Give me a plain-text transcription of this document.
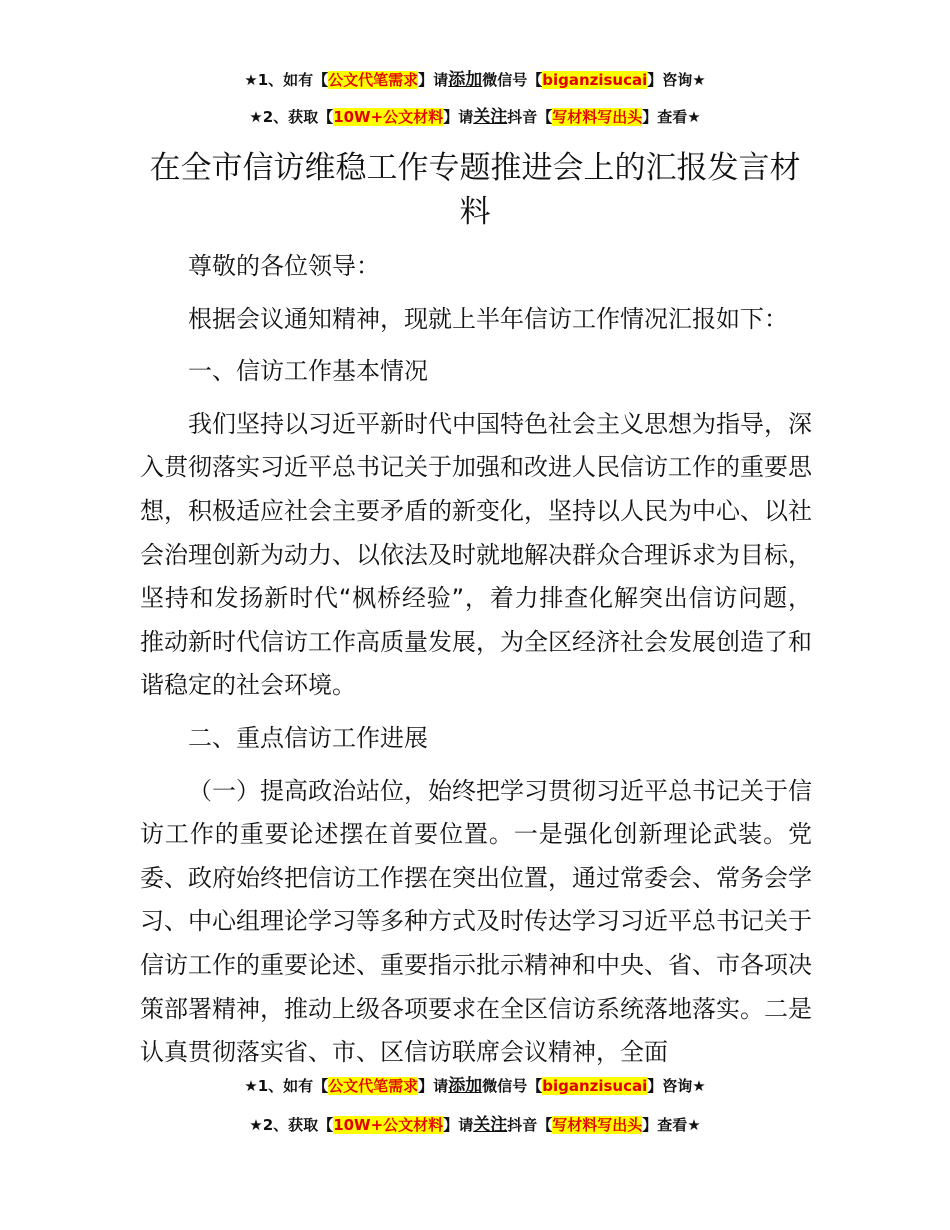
★1、如有【公文代笔需求】请添加微信号【biganzisucai】咨询★
★2、获取【10W+公文材料】请关注抖音【写材料写出头】查看★
在全市信访维稳工作专题推进会上的汇报发言材料

尊敬的各位领导：

根据会议通知精神，现就上半年信访工作情况汇报如下：

一、信访工作基本情况

我们坚持以习近平新时代中国特色社会主义思想为指导，深入贯彻落实习近平总书记关于加强和改进人民信访工作的重要思想，积极适应社会主要矛盾的新变化，坚持以人民为中心、以社会治理创新为动力、以依法及时就地解决群众合理诉求为目标，坚持和发扬新时代“枫桥经验”，着力排查化解突出信访问题，推动新时代信访工作高质量发展，为全区经济社会发展创造了和谐稳定的社会环境。

二、重点信访工作进展

（一）提高政治站位，始终把学习贯彻习近平总书记关于信访工作的重要论述摆在首要位置。一是强化创新理论武装。党委、政府始终把信访工作摆在突出位置，通过常委会、常务会学习、中心组理论学习等多种方式及时传达学习习近平总书记关于信访工作的重要论述、重要指示批示精神和中央、省、市各项决策部署精神，推动上级各项要求在全区信访系统落地落实。二是认真贯彻落实省、市、区信访联席会议精神，全面

★1、如有【公文代笔需求】请添加微信号【biganzisucai】咨询★
★2、获取【10W+公文材料】请关注抖音【写材料写出头】查看★
